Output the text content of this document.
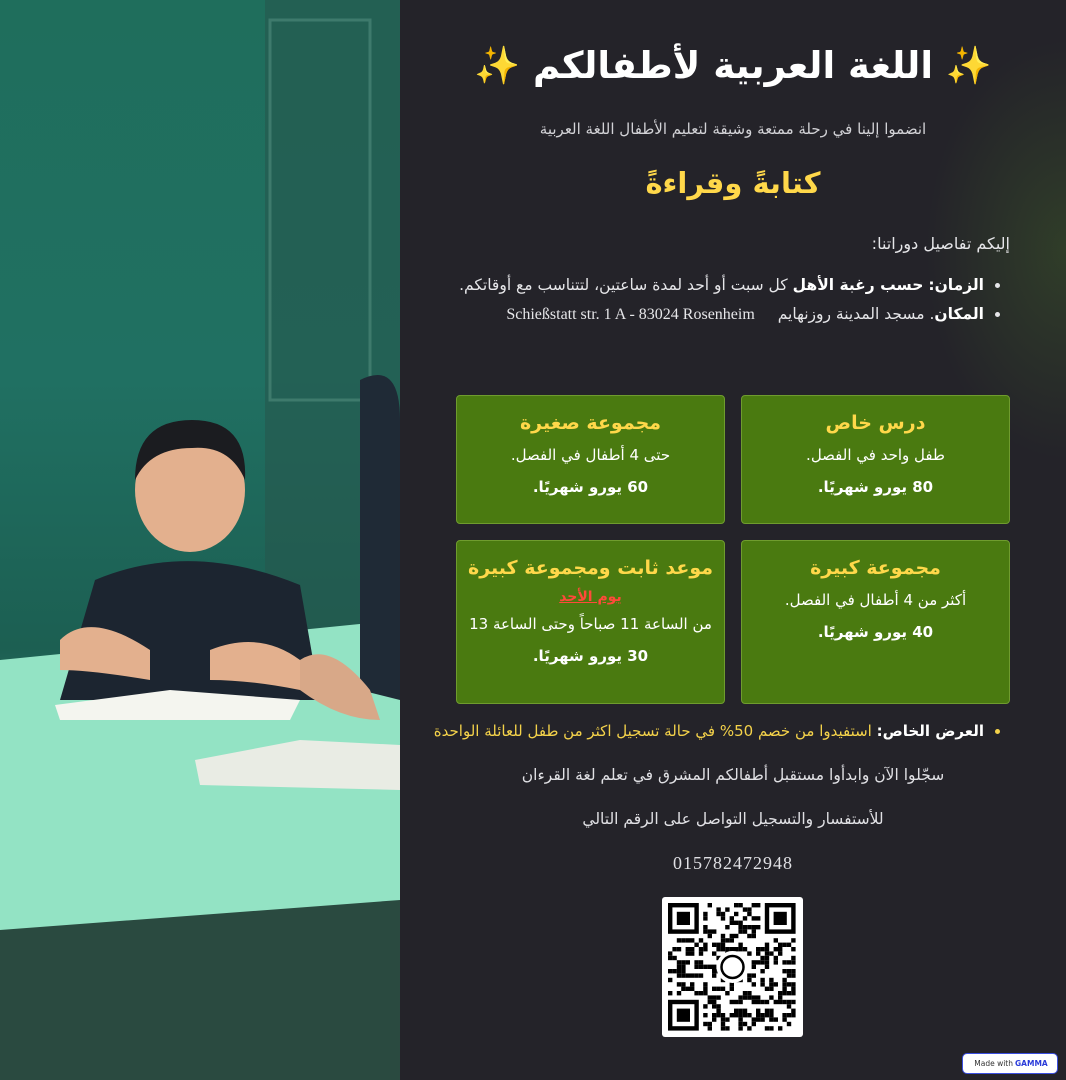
✨ اللغة العربية لأطفالكم ✨
انضموا إلينا في رحلة ممتعة وشيقة لتعليم الأطفال اللغة العربية
كتابةً وقراءةً
إليكم تفاصيل دوراتنا:
• الزمان: حسب رغبة الأهل كل سبت أو أحد لمدة ساعتين، لتتناسب مع أوقاتكم.
• المكان. مسجد المدينة روزنهايم Schießstatt str. 1 A - 83024 Rosenheim
درس خاص
طفل واحد في الفصل.
80 يورو شهريًا.
مجموعة صغيرة
حتى 4 أطفال في الفصل.
60 يورو شهريًا.
مجموعة كبيرة
أكثر من 4 أطفال في الفصل.
40 يورو شهريًا.
موعد ثابت ومجموعة كبيرة
يوم الأحد
من الساعة 11 صباحاً وحتى الساعة 13
30 يورو شهريًا.
• العرض الخاص: استفيدوا من خصم 50% في حالة تسجيل اكثر من طفل للعائلة الواحدة
سجّلوا الآن وابدأوا مستقبل أطفالكم المشرق في تعلم لغة القرءان
للأستفسار والتسجيل التواصل على الرقم التالي
015782472948
Made with GAMMA
